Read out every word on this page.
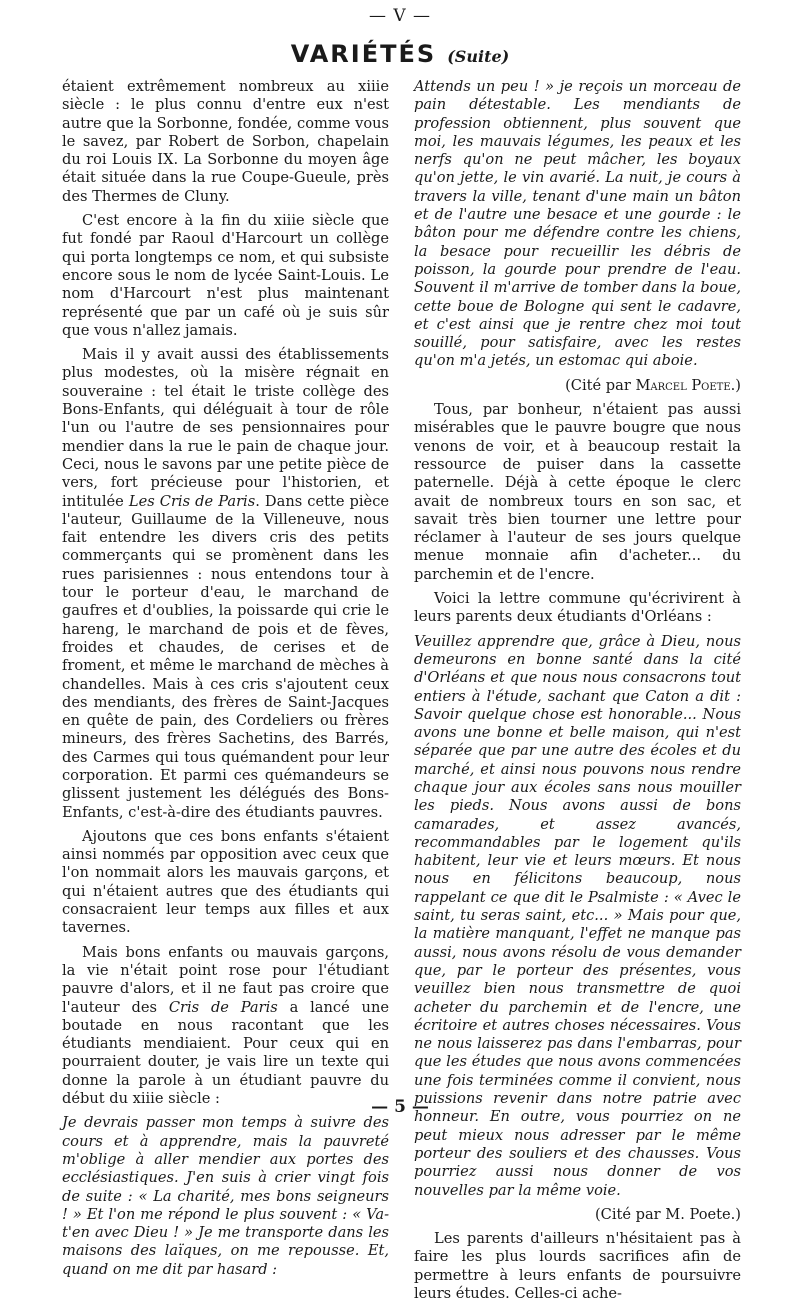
— V —
VARIÉTÉS (Suite)

étaient extrêmement nombreux au xiiie siècle : le plus connu d'entre eux n'est autre que la Sorbonne, fondée, comme vous le savez, par Robert de Sorbon, chapelain du roi Louis IX. La Sorbonne du moyen âge était située dans la rue Coupe-Gueule, près des Thermes de Cluny.

C'est encore à la fin du xiiie siècle que fut fondé par Raoul d'Harcourt un collège qui porta longtemps ce nom, et qui subsiste encore sous le nom de lycée Saint-Louis. Le nom d'Harcourt n'est plus maintenant représenté que par un café où je suis sûr que vous n'allez jamais.

Mais il y avait aussi des établissements plus modestes, où la misère régnait en souveraine : tel était le triste collège des Bons-Enfants, qui déléguait à tour de rôle l'un ou l'autre de ses pensionnaires pour mendier dans la rue le pain de chaque jour. Ceci, nous le savons par une petite pièce de vers, fort précieuse pour l'historien, et intitulée Les Cris de Paris. Dans cette pièce l'auteur, Guillaume de la Villeneuve, nous fait entendre les divers cris des petits commerçants qui se promènent dans les rues parisiennes : nous entendons tour à tour le porteur d'eau, le marchand de gaufres et d'oublies, la poissarde qui crie le hareng, le marchand de pois et de fèves, froides et chaudes, de cerises et de froment, et même le marchand de mèches à chandelles. Mais à ces cris s'ajoutent ceux des mendiants, des frères de Saint-Jacques en quête de pain, des Cordeliers ou frères mineurs, des frères Sachetins, des Barrés, des Carmes qui tous quémandent pour leur corporation. Et parmi ces quémandeurs se glissent justement les délégués des Bons-Enfants, c'est-à-dire des étudiants pauvres.

Ajoutons que ces bons enfants s'étaient ainsi nommés par opposition avec ceux que l'on nommait alors les mauvais garçons, et qui n'étaient autres que des étudiants qui consacraient leur temps aux filles et aux tavernes.

Mais bons enfants ou mauvais garçons, la vie n'était point rose pour l'étudiant pauvre d'alors, et il ne faut pas croire que l'auteur des Cris de Paris a lancé une boutade en nous racontant que les étudiants mendiaient. Pour ceux qui en pourraient douter, je vais lire un texte qui donne la parole à un étudiant pauvre du début du xiiie siècle :

Je devrais passer mon temps à suivre des cours et à apprendre, mais la pauvreté m'oblige à aller mendier aux portes des ecclésiastiques. J'en suis à crier vingt fois de suite : « La charité, mes bons seigneurs ! » Et l'on me répond le plus souvent : « Va-t'en avec Dieu ! » Je me transporte dans les maisons des laïques, on me repousse. Et, quand on me dit par hasard :

Attends un peu ! » je reçois un morceau de pain détestable. Les mendiants de profession obtiennent, plus souvent que moi, les mauvais légumes, les peaux et les nerfs qu'on ne peut mâcher, les boyaux qu'on jette, le vin avarié. La nuit, je cours à travers la ville, tenant d'une main un bâton et de l'autre une besace et une gourde : le bâton pour me défendre contre les chiens, la besace pour recueillir les débris de poisson, la gourde pour prendre de l'eau. Souvent il m'arrive de tomber dans la boue, cette boue de Bologne qui sent le cadavre, et c'est ainsi que je rentre chez moi tout souillé, pour satisfaire, avec les restes qu'on m'a jetés, un estomac qui aboie.

(Cité par Marcel Poete.)

Tous, par bonheur, n'étaient pas aussi misérables que le pauvre bougre que nous venons de voir, et à beaucoup restait la ressource de puiser dans la cassette paternelle. Déjà à cette époque le clerc avait de nombreux tours en son sac, et savait très bien tourner une lettre pour réclamer à l'auteur de ses jours quelque menue monnaie afin d'acheter... du parchemin et de l'encre.

Voici la lettre commune qu'écrivirent à leurs parents deux étudiants d'Orléans :

Veuillez apprendre que, grâce à Dieu, nous demeurons en bonne santé dans la cité d'Orléans et que nous nous consacrons tout entiers à l'étude, sachant que Caton a dit : Savoir quelque chose est honorable... Nous avons une bonne et belle maison, qui n'est séparée que par une autre des écoles et du marché, et ainsi nous pouvons nous rendre chaque jour aux écoles sans nous mouiller les pieds. Nous avons aussi de bons camarades, et assez avancés, recommandables par le logement qu'ils habitent, leur vie et leurs mœurs. Et nous nous en félicitons beaucoup, nous rappelant ce que dit le Psalmiste : « Avec le saint, tu seras saint, etc... » Mais pour que, la matière manquant, l'effet ne manque pas aussi, nous avons résolu de vous demander que, par le porteur des présentes, vous veuillez bien nous transmettre de quoi acheter du parchemin et de l'encre, une écritoire et autres choses nécessaires. Vous ne nous laisserez pas dans l'embarras, pour que les études que nous avons commencées une fois terminées comme il convient, nous puissions revenir dans notre patrie avec honneur. En outre, vous pourriez on ne peut mieux nous adresser par le même porteur des souliers et des chausses. Vous pourriez aussi nous donner de vos nouvelles par la même voie.

(Cité par M. Poete.)

Les parents d'ailleurs n'hésitaient pas à faire les plus lourds sacrifices afin de permettre à leurs enfants de poursuivre leurs études. Celles-ci ache-

— 5 —
